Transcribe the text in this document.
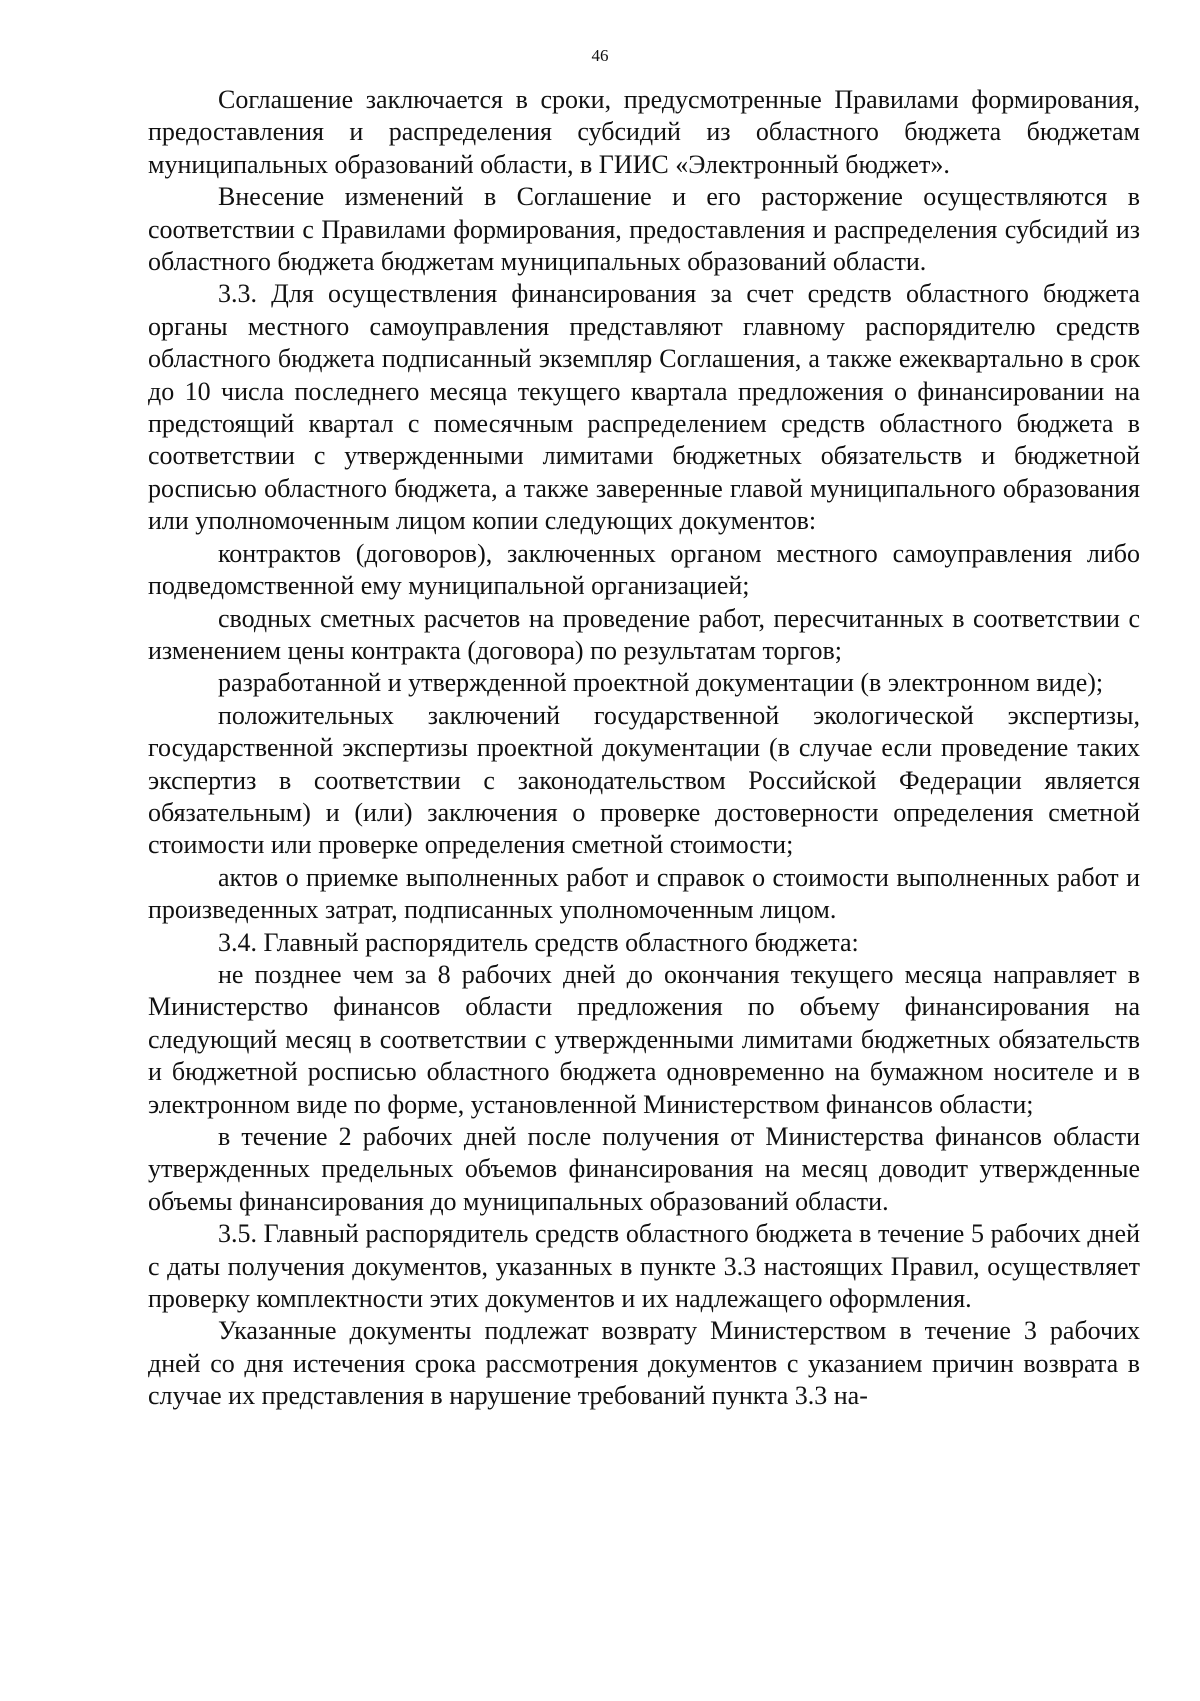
46

Соглашение заключается в сроки, предусмотренные Правилами формирования, предоставления и распределения субсидий из областного бюджета бюджетам муниципальных образований области, в ГИИС «Электронный бюджет».

Внесение изменений в Соглашение и его расторжение осуществляются в соответствии с Правилами формирования, предоставления и распределения субсидий из областного бюджета бюджетам муниципальных образований области.

3.3. Для осуществления финансирования за счет средств областного бюджета органы местного самоуправления представляют главному распорядителю средств областного бюджета подписанный экземпляр Соглашения, а также ежеквартально в срок до 10 числа последнего месяца текущего квартала предложения о финансировании на предстоящий квартал с помесячным распределением средств областного бюджета в соответствии с утвержденными лимитами бюджетных обязательств и бюджетной росписью областного бюджета, а также заверенные главой муниципального образования или уполномоченным лицом копии следующих документов:

контрактов (договоров), заключенных органом местного самоуправления либо подведомственной ему муниципальной организацией;

сводных сметных расчетов на проведение работ, пересчитанных в соответствии с изменением цены контракта (договора) по результатам торгов;

разработанной и утвержденной проектной документации (в электронном виде);

положительных заключений государственной экологической экспертизы, государственной экспертизы проектной документации (в случае если проведение таких экспертиз в соответствии с законодательством Российской Федерации является обязательным) и (или) заключения о проверке достоверности определения сметной стоимости или проверке определения сметной стоимости;

актов о приемке выполненных работ и справок о стоимости выполненных работ и произведенных затрат, подписанных уполномоченным лицом.

3.4. Главный распорядитель средств областного бюджета:

не позднее чем за 8 рабочих дней до окончания текущего месяца направляет в Министерство финансов области предложения по объему финансирования на следующий месяц в соответствии с утвержденными лимитами бюджетных обязательств и бюджетной росписью областного бюджета одновременно на бумажном носителе и в электронном виде по форме, установленной Министерством финансов области;

в течение 2 рабочих дней после получения от Министерства финансов области утвержденных предельных объемов финансирования на месяц доводит утвержденные объемы финансирования до муниципальных образований области.

3.5. Главный распорядитель средств областного бюджета в течение 5 рабочих дней с даты получения документов, указанных в пункте 3.3 настоящих Правил, осуществляет проверку комплектности этих документов и их надлежащего оформления.

Указанные документы подлежат возврату Министерством в течение 3 рабочих дней со дня истечения срока рассмотрения документов с указанием причин возврата в случае их представления в нарушение требований пункта 3.3 на-
